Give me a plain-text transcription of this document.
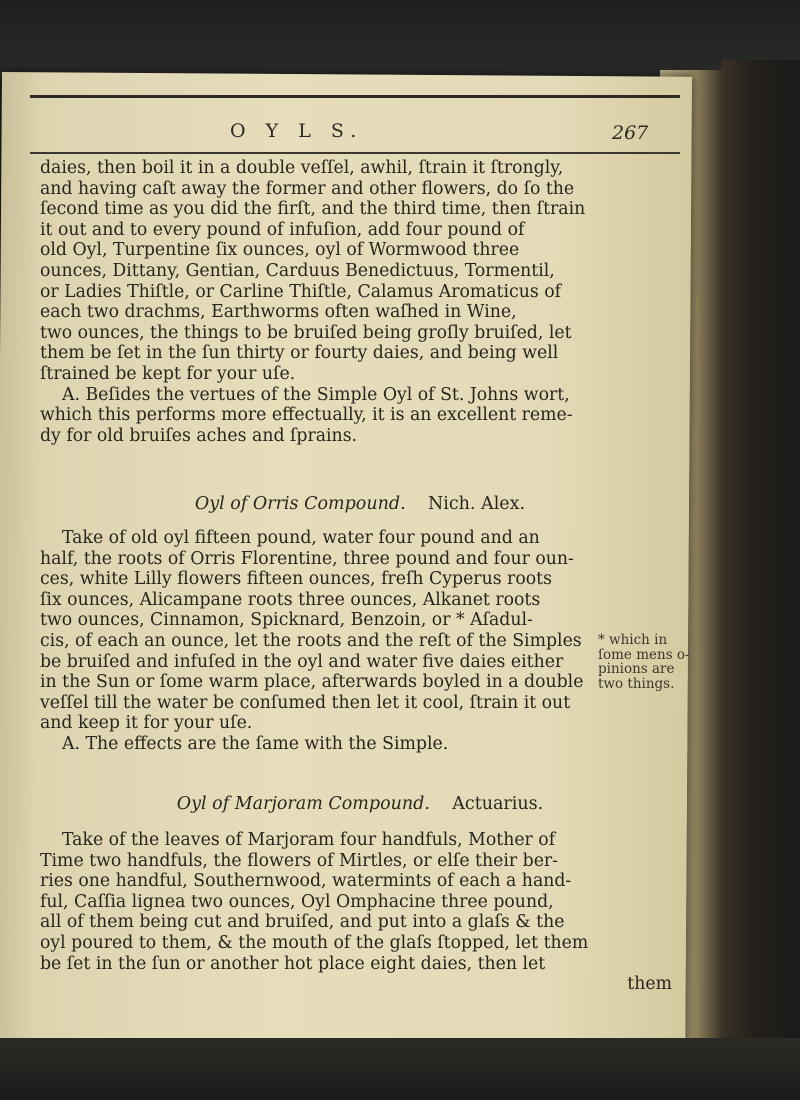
O Y L S.	267
daies, then boil it in a double veſſel, awhil, ſtrain it ſtrongly,
and having caſt away the former and other flowers, do ſo the
ſecond time as you did the firſt, and the third time, then ſtrain
it out and to every pound of infuſion, add four pound of
old Oyl, Turpentine ſix ounces, oyl of Wormwood three
ounces, Dittany, Gentian, Carduus Benedictuus, Tormentil,
or Ladies Thiſtle, or Carline Thiſtle, Calamus Aromaticus of
each two drachms, Earthworms often waſhed in Wine,
two ounces, the things to be bruiſed being groſly bruiſed, let
them be ſet in the ſun thirty or fourty daies, and being well
ſtrained be kept for your uſe.
A. Beſides the vertues of the Simple Oyl of St. Johns wort,
which this performs more effectually, it is an excellent reme-
dy for old bruiſes aches and ſprains.
Oyl of Orris Compound. Nich. Alex.
Take of old oyl fifteen pound, water four pound and an
half, the roots of Orris Florentine, three pound and four oun-
ces, white Lilly flowers fifteen ounces, freſh Cyperus roots
ſix ounces, Alicampane roots three ounces, Alkanet roots
two ounces, Cinnamon, Spicknard, Benzoin, or * Aſadul-
cis, of each an ounce, let the roots and the reſt of the Simples
be bruiſed and infuſed in the oyl and water five daies either
in the Sun or ſome warm place, afterwards boyled in a double
veſſel till the water be conſumed then let it cool, ſtrain it out
and keep it for your uſe.
A. The effects are the ſame with the Simple.
* which in
ſome mens o-
pinions are
two things.
Oyl of Marjoram Compound. Actuarius.
Take of the leaves of Marjoram four handfuls, Mother of
Time two handfuls, the flowers of Mirtles, or elſe their ber-
ries one handful, Southernwood, watermints of each a hand-
ful, Caſſia lignea two ounces, Oyl Omphacine three pound,
all of them being cut and bruiſed, and put into a glaſs & the
oyl poured to them, & the mouth of the glaſs ſtopped, let them
be ſet in the ſun or another hot place eight daies, then let
them
